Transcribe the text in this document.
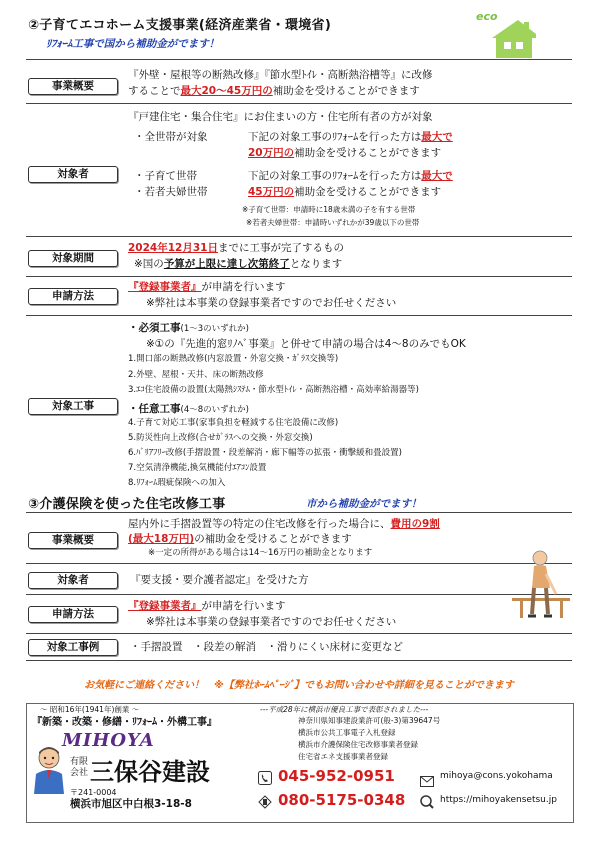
②子育てエコホーム支援事業(経済産業省・環境省)
ﾘﾌｫｰﾑ工事で国から補助金がでます！
eco
事業概要
『外壁・屋根等の断熱改修』『節水型ﾄｲﾚ・高断熱浴槽等』に改修
することで最大20～45万円の補助金を受けることができます
対象者
『戸建住宅・集合住宅』にお住まいの方・住宅所有者の方が対象
・全世帯が対象	下記の対象工事のﾘﾌｫｰﾑを行った方は最大で
20万円の補助金を受けることができます
・子育て世帯
・若者夫婦世帯
下記の対象工事のﾘﾌｫｰﾑを行った方は最大で
45万円の補助金を受けることができます
※子育て世帯：申請時に18歳未満の子を有する世帯
※若者夫婦世帯：申請時いずれかが39歳以下の世帯
対象期間
2024年12月31日までに工事が完了するもの
※国の予算が上限に達し次第終了となります
申請方法
『登録事業者』が申請を行います
※弊社は本事業の登録事業者ですのでお任せください
対象工事
・必須工事(1～3のいずれか)
※①の『先進的窓ﾘﾉﾍﾞ事業』と併せて申請の場合は4～8のみでもOK
1.開口部の断熱改修(内窓設置・外窓交換・ｶﾞﾗｽ交換等)
2.外壁、屋根・天井、床の断熱改修
3.ｴｺ住宅設備の設置(太陽熱ｼｽﾃﾑ・節水型ﾄｲﾚ・高断熱浴槽・高効率給湯器等)
・任意工事(4～8のいずれか)
4.子育て対応工事(家事負担を軽減する住宅設備に改修)
5.防災性向上改修(合せｶﾞﾗｽへの交換・外窓交換)
6.ﾊﾞﾘｱﾌﾘｰ改修(手摺設置・段差解消・廊下幅等の拡張・衝撃緩和畳設置)
7.空気清浄機能,換気機能付ｴｱｺﾝ設置
8.ﾘﾌｫｰﾑ瑕疵保険への加入
③介護保険を使った住宅改修工事	市から補助金がでます！
事業概要
屋内外に手摺設置等の特定の住宅改修を行った場合に、費用の9割
(最大18万円)の補助金を受けることができます
※一定の所得がある場合は14～16万円の補助金となります
対象者	『要支援・要介護者認定』を受けた方
申請方法
『登録事業者』が申請を行います
※弊社は本事業の登録事業者ですのでお任せください
対象工事例	・手摺設置　・段差の解消　・滑りにくい床材に変更など
お気軽にご連絡ください！　※【弊社ﾎｰﾑﾍﾟｰｼﾞ】でもお問い合わせや詳細を見ることができます
～ 昭和16年(1941年)創業 ～
『新築・改築・修繕・ﾘﾌｫｰﾑ・外構工事』
MIHOYA
有限
会社 三保谷建設
〒241-0004
横浜市旭区中白根3-18-8
---平成28年に横浜市優良工事で表彰されました---
神奈川県知事建設業許可(般-3)第39647号
横浜市公共工事電子入札登録
横浜市介護保険住宅改修事業者登録
住宅省エネ支援事業者登録
045-952-0951
080-5175-0348
mihoya@cons.yokohama
https://mihoyakensetsu.jp
